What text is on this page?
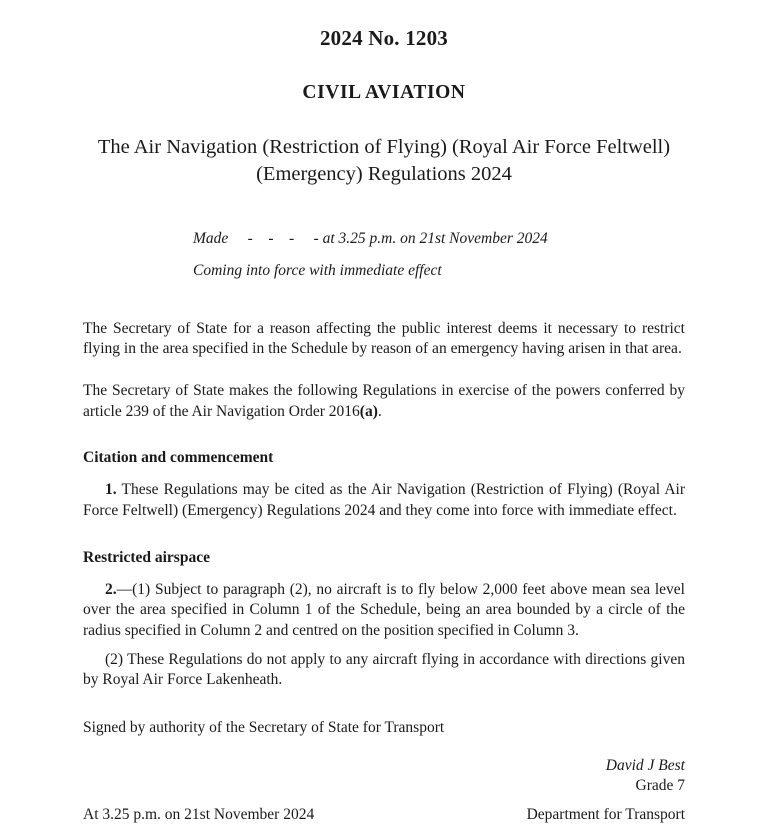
2024 No. 1203
CIVIL AVIATION
The Air Navigation (Restriction of Flying) (Royal Air Force Feltwell) (Emergency) Regulations 2024
Made     -    -    -     - at 3.25 p.m. on 21st November 2024
Coming into force with immediate effect

The Secretary of State for a reason affecting the public interest deems it necessary to restrict flying in the area specified in the Schedule by reason of an emergency having arisen in that area.

The Secretary of State makes the following Regulations in exercise of the powers conferred by article 239 of the Air Navigation Order 2016(a).

Citation and commencement

1. These Regulations may be cited as the Air Navigation (Restriction of Flying) (Royal Air Force Feltwell) (Emergency) Regulations 2024 and they come into force with immediate effect.

Restricted airspace

2.—(1) Subject to paragraph (2), no aircraft is to fly below 2,000 feet above mean sea level over the area specified in Column 1 of the Schedule, being an area bounded by a circle of the radius specified in Column 2 and centred on the position specified in Column 3.

(2) These Regulations do not apply to any aircraft flying in accordance with directions given by Royal Air Force Lakenheath.

Signed by authority of the Secretary of State for Transport

David J Best
Grade 7
At 3.25 p.m. on 21st November 2024	Department for Transport
